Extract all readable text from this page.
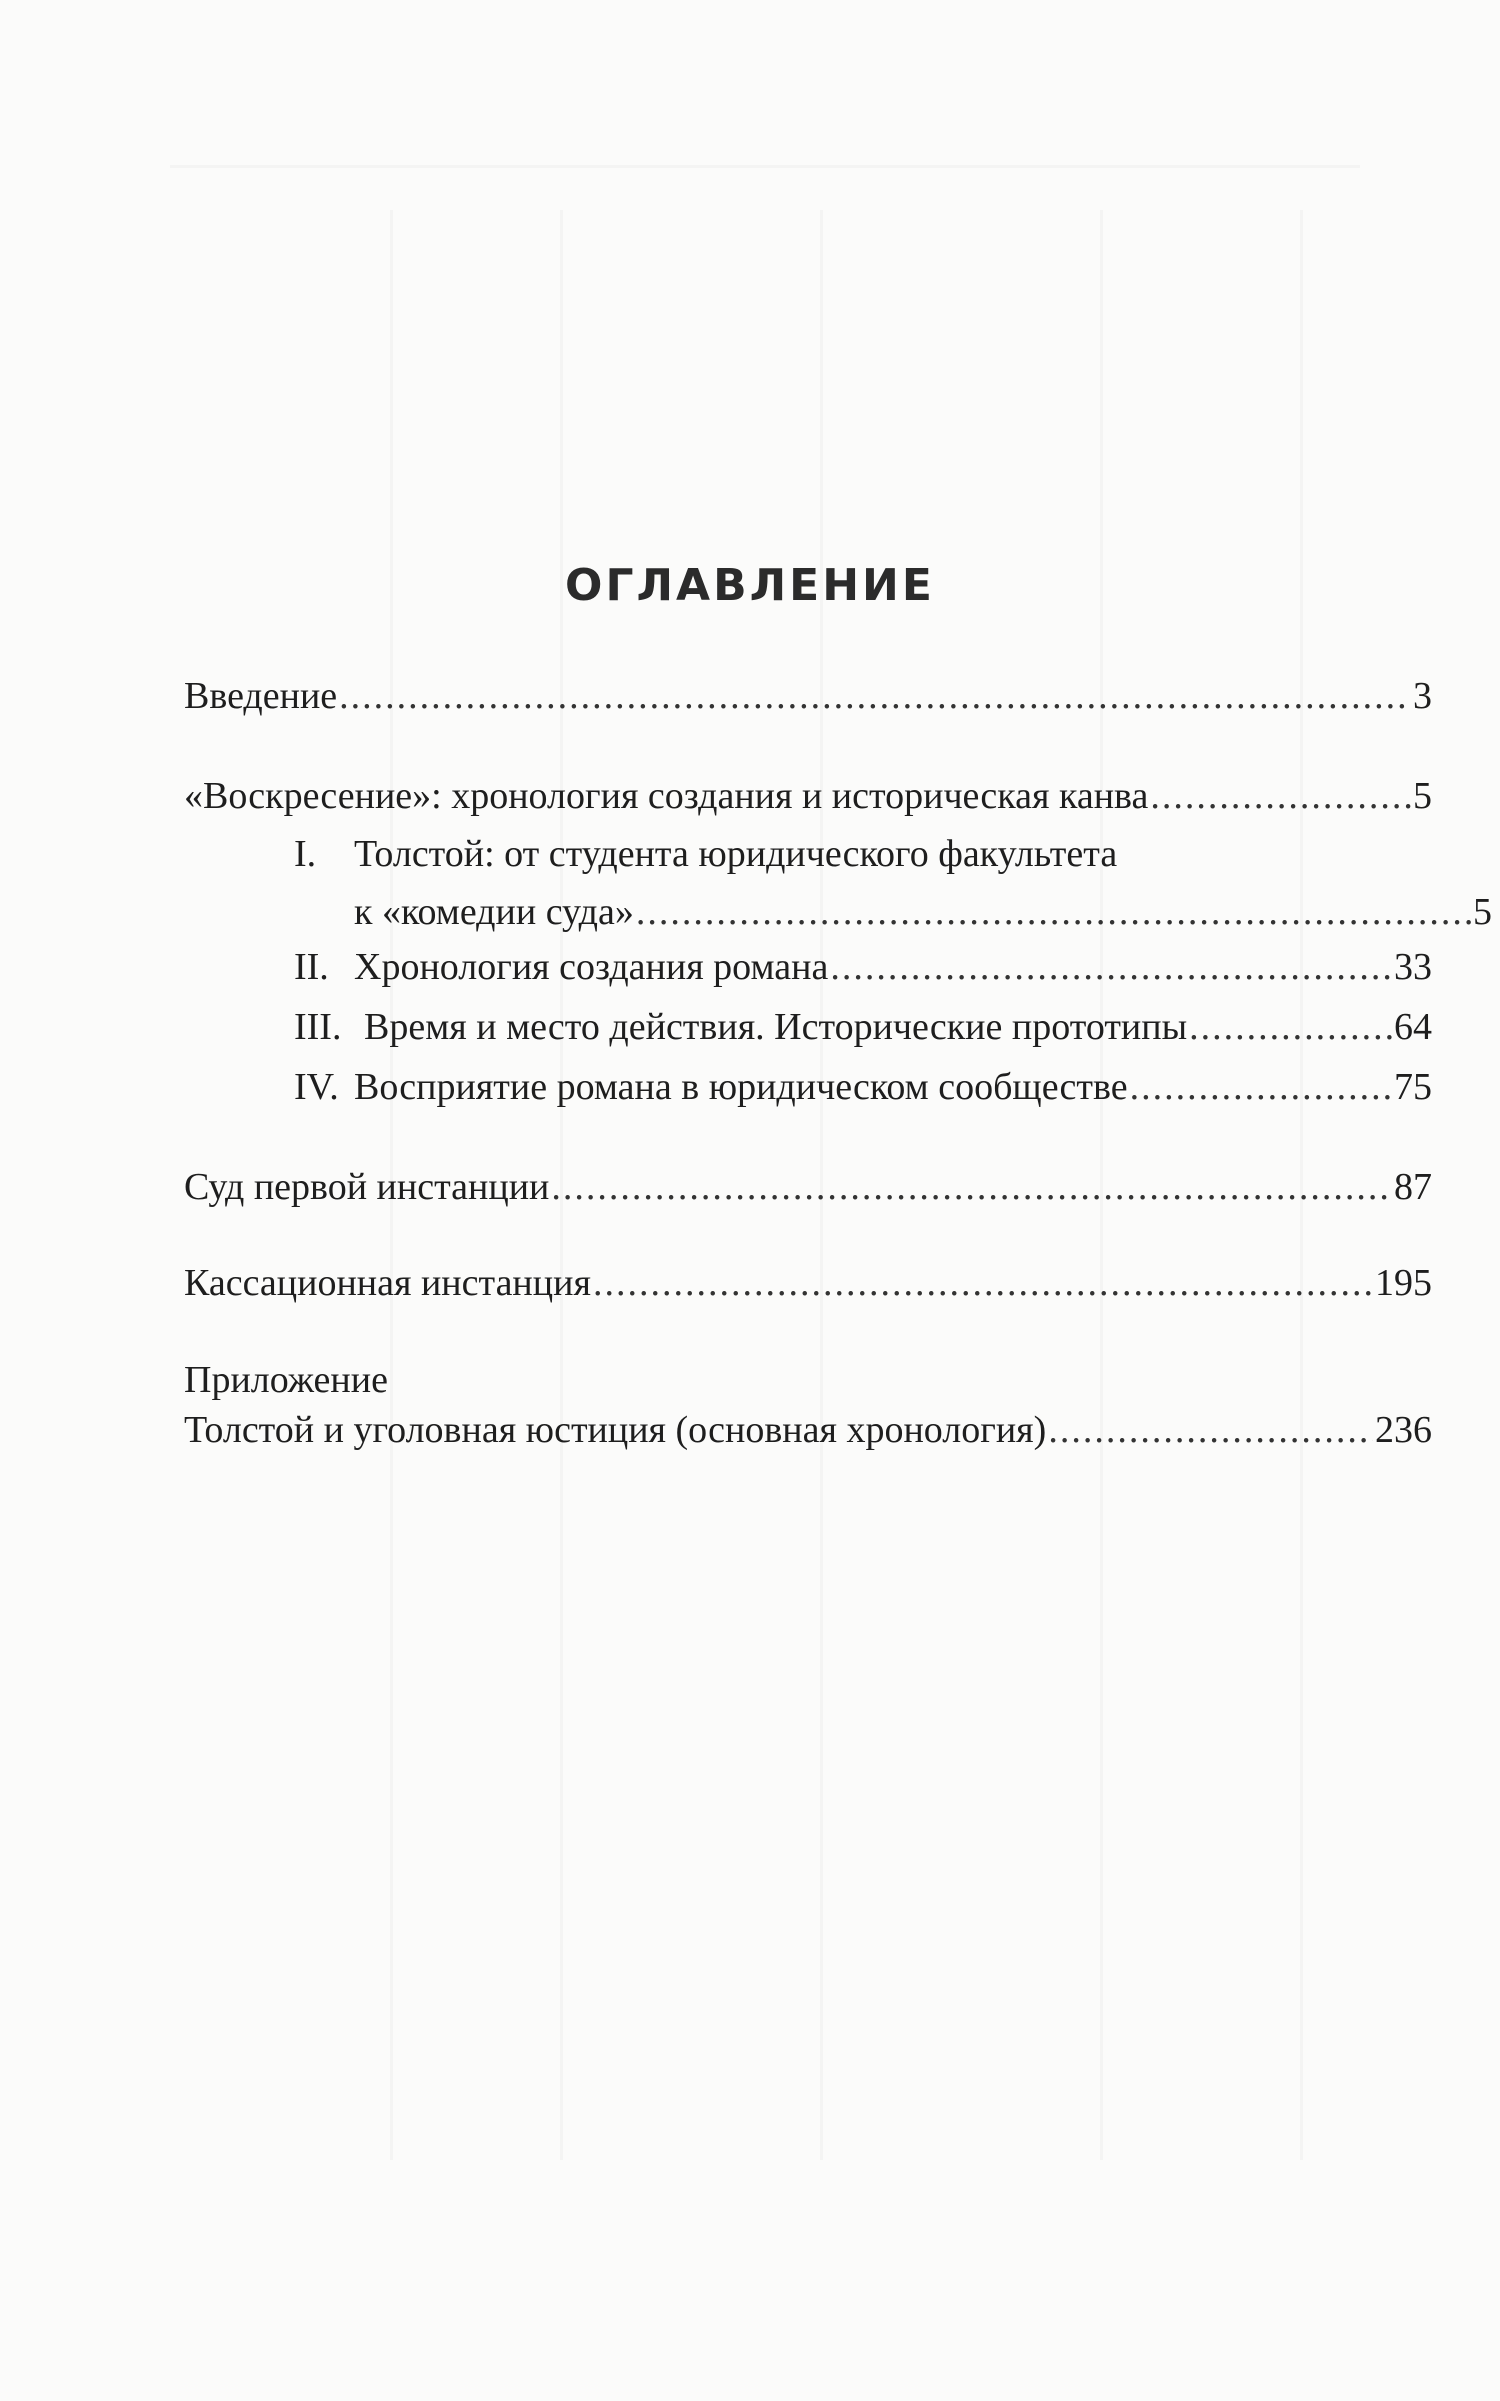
ОГЛАВЛЕНИЕ
Введение .....	3
«Воскресение»: хронология создания и историческая канва .....	5
I. Толстой: от студента юридического факультета
к «комедии суда» .....	5
II. Хронология создания романа .....	33
III. Время и место действия. Исторические прототипы .....	64
IV. Восприятие романа в юридическом сообществе .....	75
Суд первой инстанции .....	87
Кассационная инстанция .....	195
Приложение
Толстой и уголовная юстиция (основная хронология) .....	236
